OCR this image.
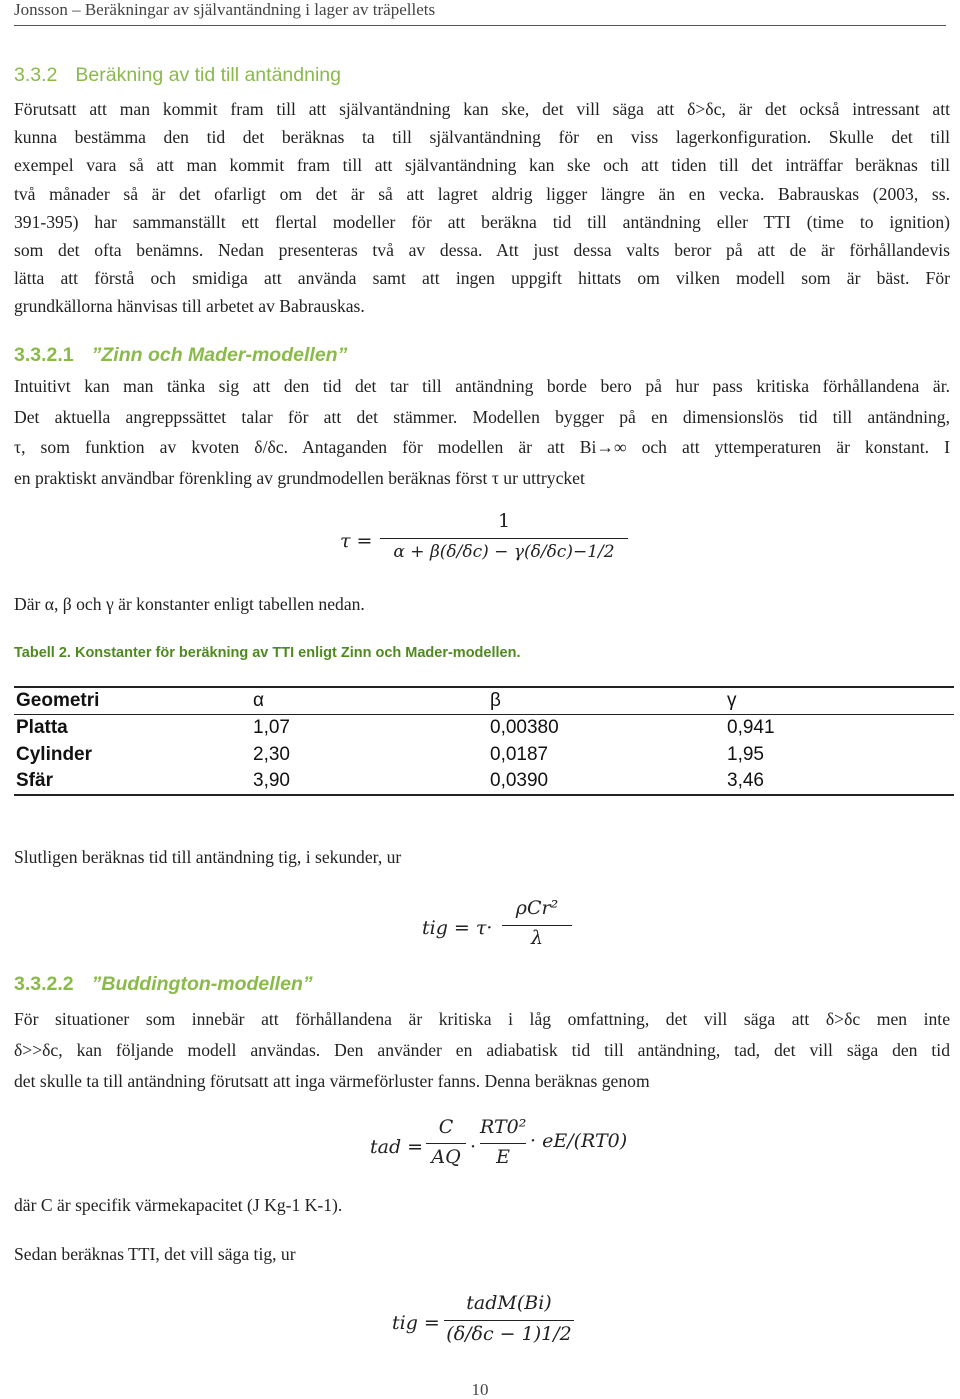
Jonsson – Beräkningar av självantändning i lager av träpellets
3.3.2 Beräkning av tid till antändning
Förutsatt att man kommit fram till att självantändning kan ske, det vill säga att δ>δc, är det också intressant att
kunna bestämma den tid det beräknas ta till självantändning för en viss lagerkonfiguration. Skulle det till
exempel vara så att man kommit fram till att självantändning kan ske och att tiden till det inträffar beräknas till
två månader så är det ofarligt om det är så att lagret aldrig ligger längre än en vecka. Babrauskas (2003, ss.
391-395) har sammanställt ett flertal modeller för att beräkna tid till antändning eller TTI (time to ignition)
som det ofta benämns. Nedan presenteras två av dessa. Att just dessa valts beror på att de är förhållandevis
lätta att förstå och smidiga att använda samt att ingen uppgift hittats om vilken modell som är bäst. För
grundkällorna hänvisas till arbetet av Babrauskas.
3.3.2.1 ”Zinn och Mader-modellen”
Intuitivt kan man tänka sig att den tid det tar till antändning borde bero på hur pass kritiska förhållandena är.
Det aktuella angreppssättet talar för att det stämmer. Modellen bygger på en dimensionslös tid till antändning,
τ, som funktion av kvoten δ/δc. Antaganden för modellen är att Bi→∞ och att yttemperaturen är konstant. I
en praktiskt användbar förenkling av grundmodellen beräknas först τ ur uttrycket
τ =
1
α + β(δ/δc) − γ(δ/δc)−1/2
Där α, β och γ är konstanter enligt tabellen nedan.
Tabell 2. Konstanter för beräkning av TTI enligt Zinn och Mader-modellen.
Geometri	α	β	γ
Platta	1,07	0,00380	0,941
Cylinder	2,30	0,0187	1,95
Sfär	3,90	0,0390	3,46
Slutligen beräknas tid till antändning tig, i sekunder, ur
tig = τ·
ρCr²
λ
3.3.2.2 ”Buddington-modellen”
För situationer som innebär att förhållandena är kritiska i låg omfattning, det vill säga att δ>δc men inte
δ>>δc, kan följande modell användas. Den använder en adiabatisk tid till antändning, tad, det vill säga den tid
det skulle ta till antändning förutsatt att inga värmeförluster fanns. Denna beräknas genom
tad =
C
AQ ·
RT0²
E
· eE/(RT0)
där C är specifik värmekapacitet (J Kg-1 K-1).
Sedan beräknas TTI, det vill säga tig, ur
tig =
tadM(Bi)
(δ/δc − 1)1/2
10
